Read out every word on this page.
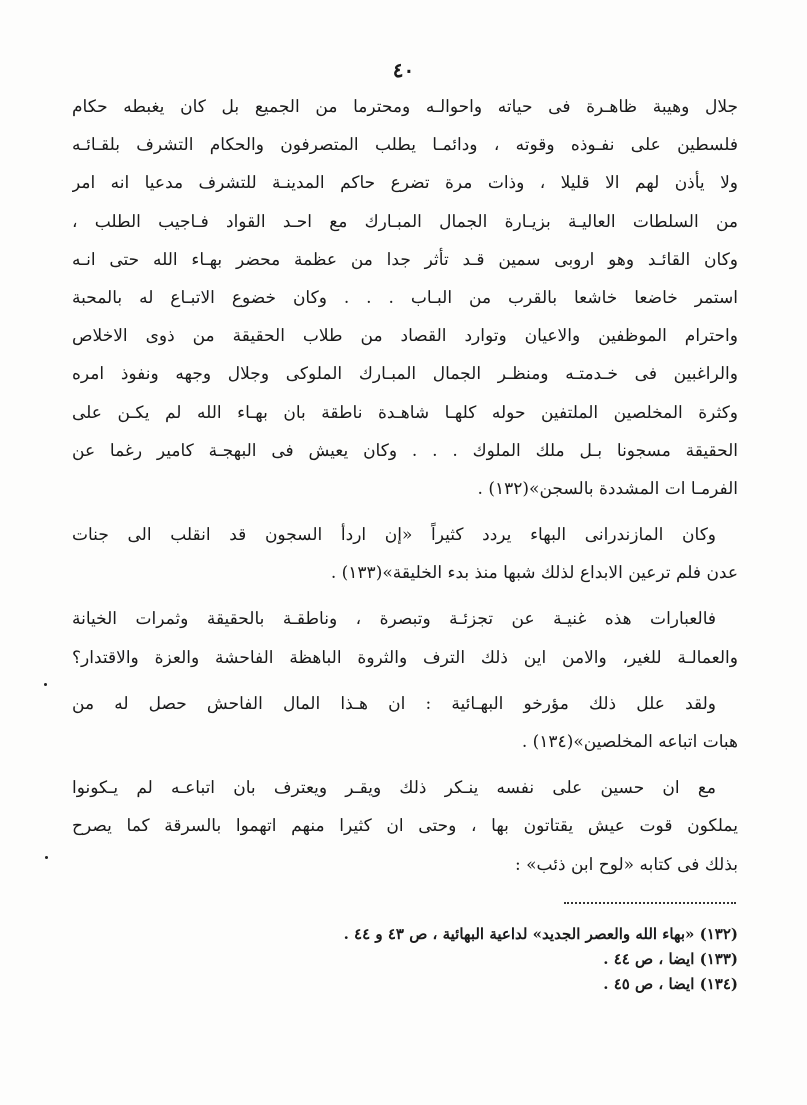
٤٠
جلال وهيبة ظاهـرة فى حياته واحوالـه ومحترما من الجميع بل كان يغبطه حكام
فلسطين على نفـوذه وقوته ، ودائمـا يطلب المتصرفون والحكام التشرف بلقـائـه
ولا يأذن لهم الا قليلا ، وذات مرة تضرع حاكم المدينـة للتشرف مدعيا انه امر
من السلطات العاليـة بزيـارة الجمال المبـارك مع احـد القواد فـاجيب الطلب ،
وكان القائـد وهو اروبى سمين قـد تأثر جدا من عظمة محضر بهـاء الله حتى انـه
استمر خاضعا خاشعا بالقرب من البـاب . . . وكان خضوع الاتبـاع له بالمحبة
واحترام الموظفين والاعيان وتوارد القصاد من طلاب الحقيقة من ذوى الاخلاص
والراغبين فى خـدمتـه ومنظـر الجمال المبـارك الملوكى وجلال وجهه ونفوذ امره
وكثرة المخلصين الملتفين حوله كلهـا شاهـدة ناطقة بان بهـاء الله لم يكـن على
الحقيقة مسجونا بـل ملك الملوك . . . وكان يعيش فى البهجـة كامير رغما عن
الفرمـا ات المشددة بالسجن»(١٣٢) .
وكان المازندرانى البهاء يردد كثيراً «إن اردأ السجون قد انقلب الى جنات
عدن فلم ترعين الابداع لذلك شبها منذ بدء الخليقة»(١٣٣) .
فالعبارات هذه غنيـة عن تجزئـة وتبصرة ، وناطقـة بالحقيقة وثمرات الخيانة
والعمالـة للغير، والامن اين ذلك الترف والثروة الباهظة الفاحشة والعزة والاقتدار؟
ولقد علل ذلك مؤرخو البهـائية : ان هـذا المال الفاحش حصل له من
هبات اتباعه المخلصين»(١٣٤) .
مع ان حسين على نفسه ينـكر ذلك ويقـر ويعترف بان اتباعـه لم يـكونوا
يملكون قوت عيش يقتاتون بها ، وحتى ان كثيرا منهم اتهموا بالسرقة كما يصرح
بذلك فى كتابه «لوح ابن ذئب» :
(١٣٢) «بهاء الله والعصر الجديد» لداعية البهائية ، ص ٤٣ و ٤٤ .
(١٣٣) ايضا ، ص ٤٤ .
(١٣٤) ايضا ، ص ٤٥ .
